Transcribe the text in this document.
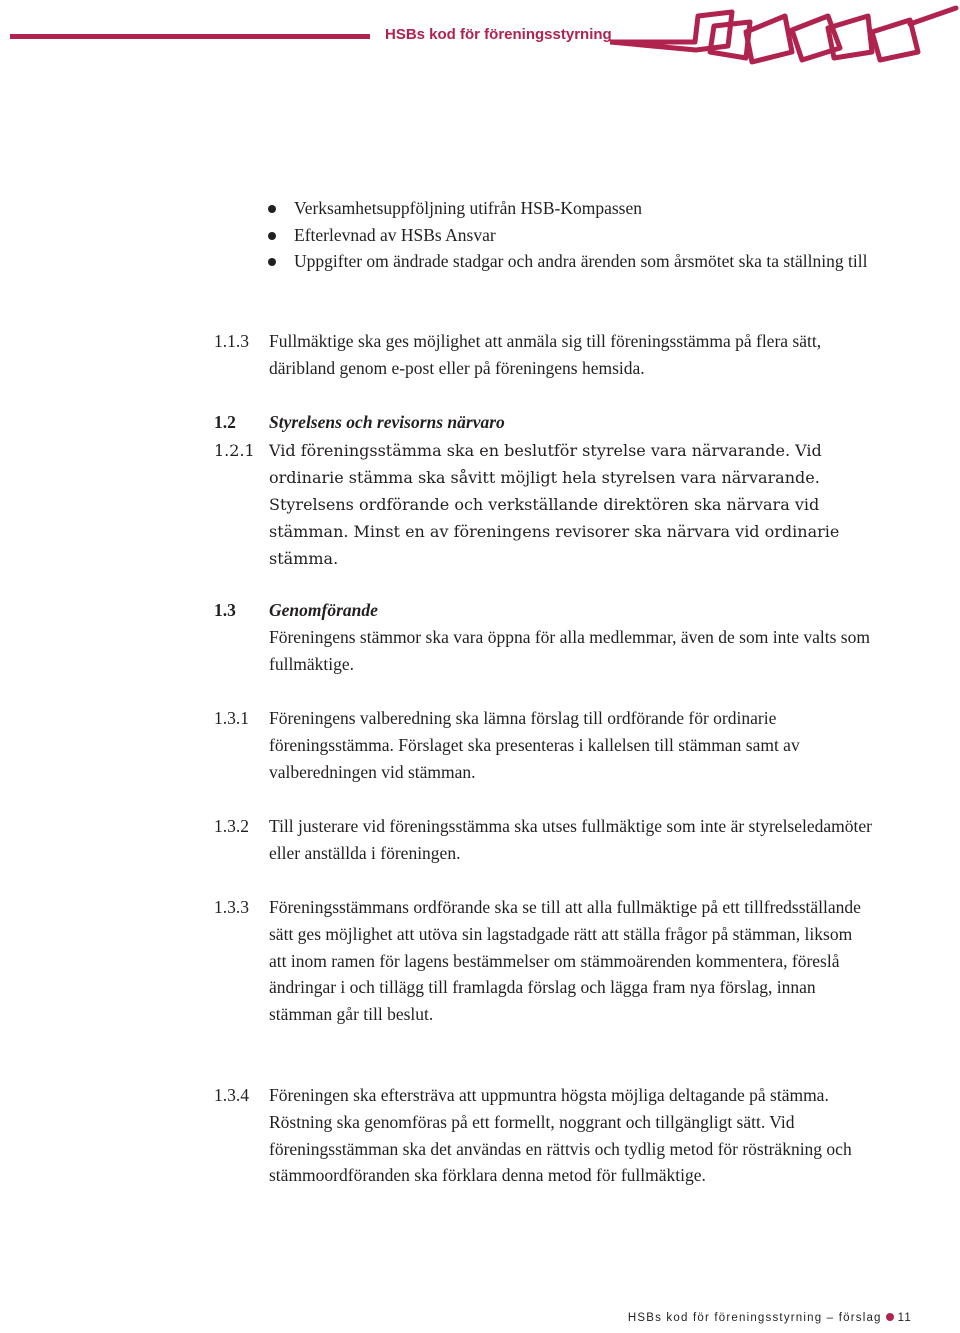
HSBs kod för föreningsstyrning
Verksamhetsuppföljning utifrån HSB-Kompassen
Efterlevnad av HSBs Ansvar
Uppgifter om ändrade stadgar och andra ärenden som årsmötet ska ta ställning till
1.1.3 Fullmäktige ska ges möjlighet att anmäla sig till föreningsstämma på flera sätt, däribland genom e-post eller på föreningens hemsida.
1.2 Styrelsens och revisorns närvaro
1.2.1 Vid föreningsstämma ska en beslutför styrelse vara närvarande. Vid ordinarie stämma ska såvitt möjligt hela styrelsen vara närvarande. Styrelsens ordförande och verkställande direktören ska närvara vid stämman. Minst en av föreningens revisorer ska närvara vid ordinarie stämma.
1.3 Genomförande
Föreningens stämmor ska vara öppna för alla medlemmar, även de som inte valts som fullmäktige.
1.3.1 Föreningens valberedning ska lämna förslag till ordförande för ordinarie föreningsstämma. Förslaget ska presenteras i kallelsen till stämman samt av valberedningen vid stämman.
1.3.2 Till justerare vid föreningsstämma ska utses fullmäktige som inte är styrelseledamöter eller anställda i föreningen.
1.3.3 Föreningsstämmans ordförande ska se till att alla fullmäktige på ett tillfredsställande sätt ges möjlighet att utöva sin lagstadgade rätt att ställa frågor på stämman, liksom att inom ramen för lagens bestämmelser om stämmoärenden kommentera, föreslå ändringar i och tillägg till framlagda förslag och lägga fram nya förslag, innan stämman går till beslut.
1.3.4 Föreningen ska eftersträva att uppmuntra högsta möjliga deltagande på stämma. Röstning ska genomföras på ett formellt, noggrant och tillgängligt sätt. Vid föreningsstämman ska det användas en rättvis och tydlig metod för rösträkning och stämmoordföranden ska förklara denna metod för fullmäktige.
HSBs kod för föreningsstyrning – förslag 11
